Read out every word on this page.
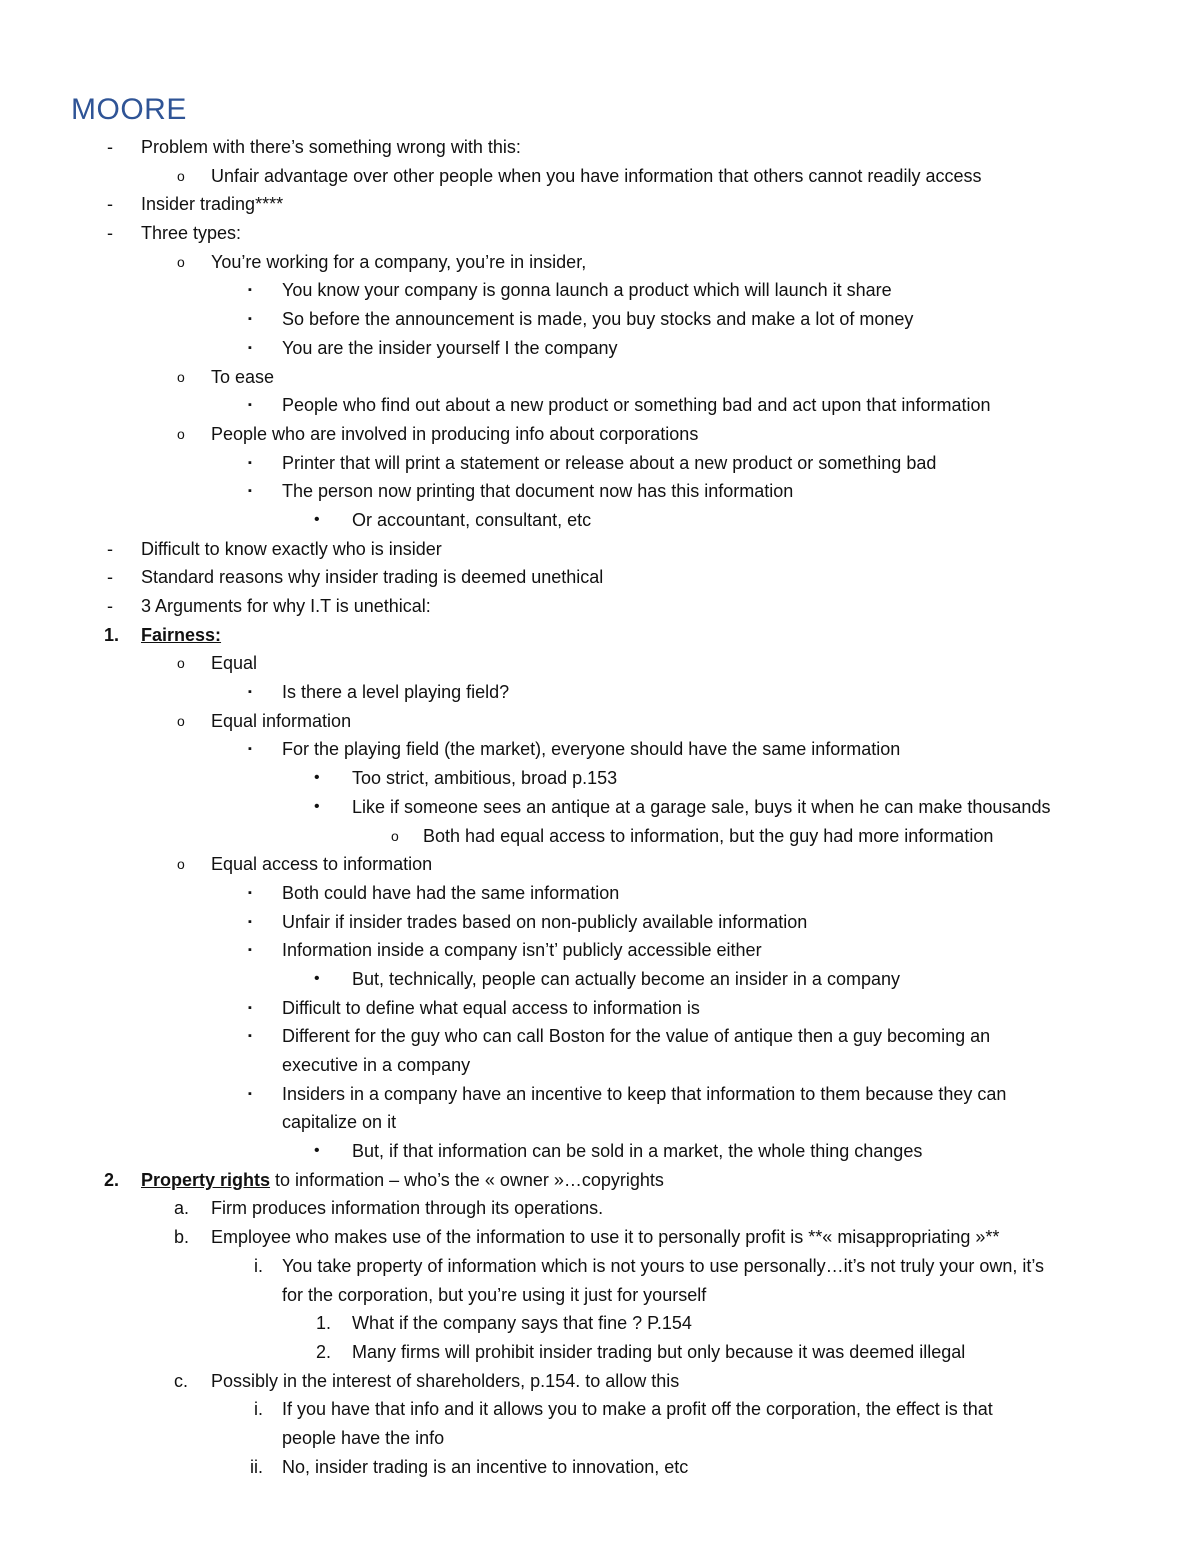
MOORE
- Problem with there’s something wrong with this:
o Unfair advantage over other people when you have information that others cannot readily access
- Insider trading****
- Three types:
o You’re working for a company, you’re in insider,
▪ You know your company is gonna launch a product which will launch it share
▪ So before the announcement is made, you buy stocks and make a lot of money
▪ You are the insider yourself I the company
o To ease
▪ People who find out about a new product or something bad and act upon that information
o People who are involved in producing info about corporations
▪ Printer that will print a statement or release about a new product or something bad
▪ The person now printing that document now has this information
• Or accountant, consultant, etc
- Difficult to know exactly who is insider
- Standard reasons why insider trading is deemed unethical
- 3 Arguments for why I.T is unethical:
1. Fairness:
o Equal
▪ Is there a level playing field?
o Equal information
▪ For the playing field (the market), everyone should have the same information
• Too strict, ambitious, broad p.153
• Like if someone sees an antique at a garage sale, buys it when he can make thousands
o Both had equal access to information, but the guy had more information
o Equal access to information
▪ Both could have had the same information
▪ Unfair if insider trades based on non-publicly available information
▪ Information inside a company isn’t’ publicly accessible either
• But, technically, people can actually become an insider in a company
▪ Difficult to define what equal access to information is
▪ Different for the guy who can call Boston for the value of antique then a guy becoming an
executive in a company
▪ Insiders in a company have an incentive to keep that information to them because they can
capitalize on it
• But, if that information can be sold in a market, the whole thing changes
2. Property rights to information – who’s the « owner »…copyrights
a. Firm produces information through its operations.
b. Employee who makes use of the information to use it to personally profit is **« misappropriating »**
i. You take property of information which is not yours to use personally…it’s not truly your own, it’s
for the corporation, but you’re using it just for yourself
1. What if the company says that fine ? P.154
2. Many firms will prohibit insider trading but only because it was deemed illegal
c. Possibly in the interest of shareholders, p.154. to allow this
i. If you have that info and it allows you to make a profit off the corporation, the effect is that
people have the info
ii. No, insider trading is an incentive to innovation, etc
